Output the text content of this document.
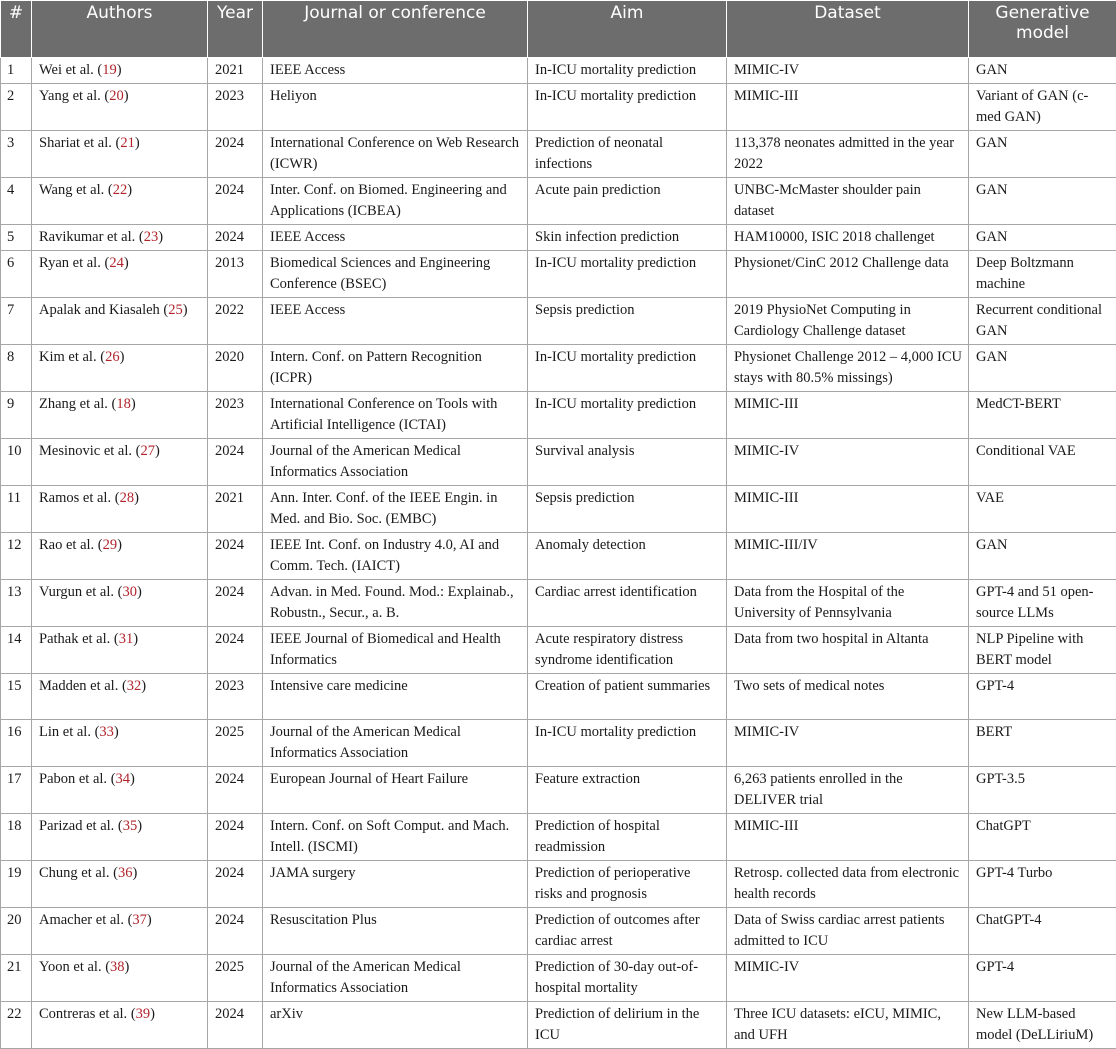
#	Authors	Year	Journal or conference	Aim	Dataset	Generative model
1	Wei et al. (19)	2021	IEEE Access	In-ICU mortality prediction	MIMIC-IV	GAN
2	Yang et al. (20)	2023	Heliyon	In-ICU mortality prediction	MIMIC-III	Variant of GAN (c-med GAN)
3	Shariat et al. (21)	2024	International Conference on Web Research (ICWR)	Prediction of neonatal infections	113,378 neonates admitted in the year 2022	GAN
4	Wang et al. (22)	2024	Inter. Conf. on Biomed. Engineering and Applications (ICBEA)	Acute pain prediction	UNBC-McMaster shoulder pain dataset	GAN
5	Ravikumar et al. (23)	2024	IEEE Access	Skin infection prediction	HAM10000, ISIC 2018 challenget	GAN
6	Ryan et al. (24)	2013	Biomedical Sciences and Engineering Conference (BSEC)	In-ICU mortality prediction	Physionet/CinC 2012 Challenge data	Deep Boltzmann machine
7	Apalak and Kiasaleh (25)	2022	IEEE Access	Sepsis prediction	2019 PhysioNet Computing in Cardiology Challenge dataset	Recurrent conditional GAN
8	Kim et al. (26)	2020	Intern. Conf. on Pattern Recognition (ICPR)	In-ICU mortality prediction	Physionet Challenge 2012 – 4,000 ICU stays with 80.5% missings)	GAN
9	Zhang et al. (18)	2023	International Conference on Tools with Artificial Intelligence (ICTAI)	In-ICU mortality prediction	MIMIC-III	MedCT-BERT
10	Mesinovic et al. (27)	2024	Journal of the American Medical Informatics Association	Survival analysis	MIMIC-IV	Conditional VAE
11	Ramos et al. (28)	2021	Ann. Inter. Conf. of the IEEE Engin. in Med. and Bio. Soc. (EMBC)	Sepsis prediction	MIMIC-III	VAE
12	Rao et al. (29)	2024	IEEE Int. Conf. on Industry 4.0, AI and Comm. Tech. (IAICT)	Anomaly detection	MIMIC-III/IV	GAN
13	Vurgun et al. (30)	2024	Advan. in Med. Found. Mod.: Explainab., Robustn., Secur., a. B.	Cardiac arrest identification	Data from the Hospital of the University of Pennsylvania	GPT-4 and 51 open-source LLMs
14	Pathak et al. (31)	2024	IEEE Journal of Biomedical and Health Informatics	Acute respiratory distress syndrome identification	Data from two hospital in Altanta	NLP Pipeline with BERT model
15	Madden et al. (32)	2023	Intensive care medicine	Creation of patient summaries	Two sets of medical notes	GPT-4
16	Lin et al. (33)	2025	Journal of the American Medical Informatics Association	In-ICU mortality prediction	MIMIC-IV	BERT
17	Pabon et al. (34)	2024	European Journal of Heart Failure	Feature extraction	6,263 patients enrolled in the DELIVER trial	GPT-3.5
18	Parizad et al. (35)	2024	Intern. Conf. on Soft Comput. and Mach. Intell. (ISCMI)	Prediction of hospital readmission	MIMIC-III	ChatGPT
19	Chung et al. (36)	2024	JAMA surgery	Prediction of perioperative risks and prognosis	Retrosp. collected data from electronic health records	GPT-4 Turbo
20	Amacher et al. (37)	2024	Resuscitation Plus	Prediction of outcomes after cardiac arrest	Data of Swiss cardiac arrest patients admitted to ICU	ChatGPT-4
21	Yoon et al. (38)	2025	Journal of the American Medical Informatics Association	Prediction of 30-day out-of-hospital mortality	MIMIC-IV	GPT-4
22	Contreras et al. (39)	2024	arXiv	Prediction of delirium in the ICU	Three ICU datasets: eICU, MIMIC, and UFH	New LLM-based model (DeLLiriuM)
